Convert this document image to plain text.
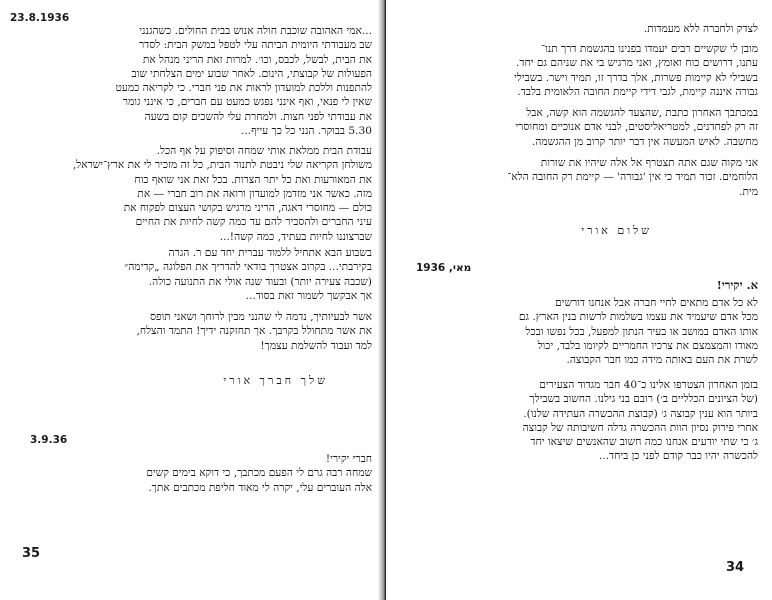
23.8.1936
...אמי האהובה שוכבת חולה אנוש בבית החולים. כשהגנני
שב מעבודתי היומית הביתה עלי לטפל במשק הבית: לסדר
את הבית, לבשל, לכבס, וכו׳. למרות זאת הריני מנהל את
הפעולות של קבוצתי, הינום. לאחר שבוע ימים הצלחתי שוב
להתפנות וללכת למועדון לראות את פני חברי. כי לקריאה כמעט
שאין לי פנאי, ואף אינני נפגש כמעט עם חברים, כי אינני גומר
את עבודתי לפני חצות. ולמחרת עלי להשכים קום בשעה
5.30 בבוקר. הנני כל כך עייף...
עבודת הבית ממלאת אותי שמחה וסיפוק על אף הכל.
משולחן הקריאה שלי ניבטת לתנור הבית, כל זה מזכיר לי את ארץ־ישראל,
את המאורעות ואת כל יתר הצרות. בכל זאת אני שואף כוח
מזה. כאשר אני מזדמן למועדון ורואה את רוב חברי — את
כולם — מחוסרי דאגה, הריני מרגיש בקושי העצום לפקוח את
עיני החברים ולהסביר להם עד כמה קשה לחיות את החיים
שברצוננו לחיות בעתיד, כמה קשה!...
בשבוע הבא אתחיל ללמוד עברית יחד עם ר. הגרה
בקירבתי... בקרוב אצטרך בודאי להדריך את הפלוגה „קדימה״
(שכבה צעירה יותר) ובעוד שנה אולי את התנועה כולה.
אך אבקשך לשמור זאת בסוד...
אשר לבעיותיך, נדמה לי שהנני מבין לרוחך ושאני תופס
את אשר מתחולל בקרבך. אך תחזקנה ידיך! התמד והצלח,
למד ועבוד להשלמת עצמך!
שלך חברך אורי
3.9.36
חברי יקירי!
שמחה רבה גרם לי הפעם מכתבך, כי דוקא בימים קשים
אלה העוברים עלי, יקרה לי מאוד חליפת מכתבים אתך.
35
לצדק ולחברה ללא מעמדות.
מובן לי שקשיים רבים יעמדו בפנינו בהגשמת דרך תנו־
עתנו, דרושים כוח ואומץ, ואני מרגיש בי את שניהם גם יחד.
בשבילי לא קיימות פשרות, אלך בדרך זו, תמיד וישר. בשבילי
גבורה איננה קיימת, לגבי דידי קיימת החובה הלאומית בלבד.
במכתבך האחרון כתבת ,שהצעד להגשמה הוא קשה, אבל
זה רק לפחדנים, למטריאליסטים, לבני אדם אנוכיים ומחוסרי
מחשבה. לאיש המעשה אין דבר יותר קרוב מן ההגשמה.
אני מקוה שגם אתה תצטרף אל אלה שיהיו את שורות
הלוחמים. זכור תמיד כי אין 'גבורה' — קיימת רק החובה הלא־
מית.
שלום אורי
מאי, 1936
א. יקירי!
לא כל אדם מתאים לחיי חברה אבל אנחנו דורשים
מכל אדם שיעמיד את עצמו בשלמות לרשות בנין הארץ. גם
אותו האדם במושב או בעיר הנתון למפעל, בכל נפשו ובכל
מאודו והמצמצם את צרכיו החמריים לקיומו בלבד, יכול
לשרת את העם באותה מידה כמו חבר הקבוצה.
בזמן האחרון הצטרפו אלינו כ־40 חבר מגדוד הצעירים
(של הציונים הכלליים ב׳) רובם בני גילנו. החשוב בשבילך
ביותר הוא ענין קבוצה ג׳ (קבוצת ההכשרה העתידה שלנו).
אחרי פירוק נסיון הוות ההכשרה גדלה חשיבותה של קבוצה
ג׳ כי שתי יודעים אנחנו כמה חשוב שהאנשים שיצאו יחד
להכשרה יהיו כבר קודם לפני כן ביחד...
34
